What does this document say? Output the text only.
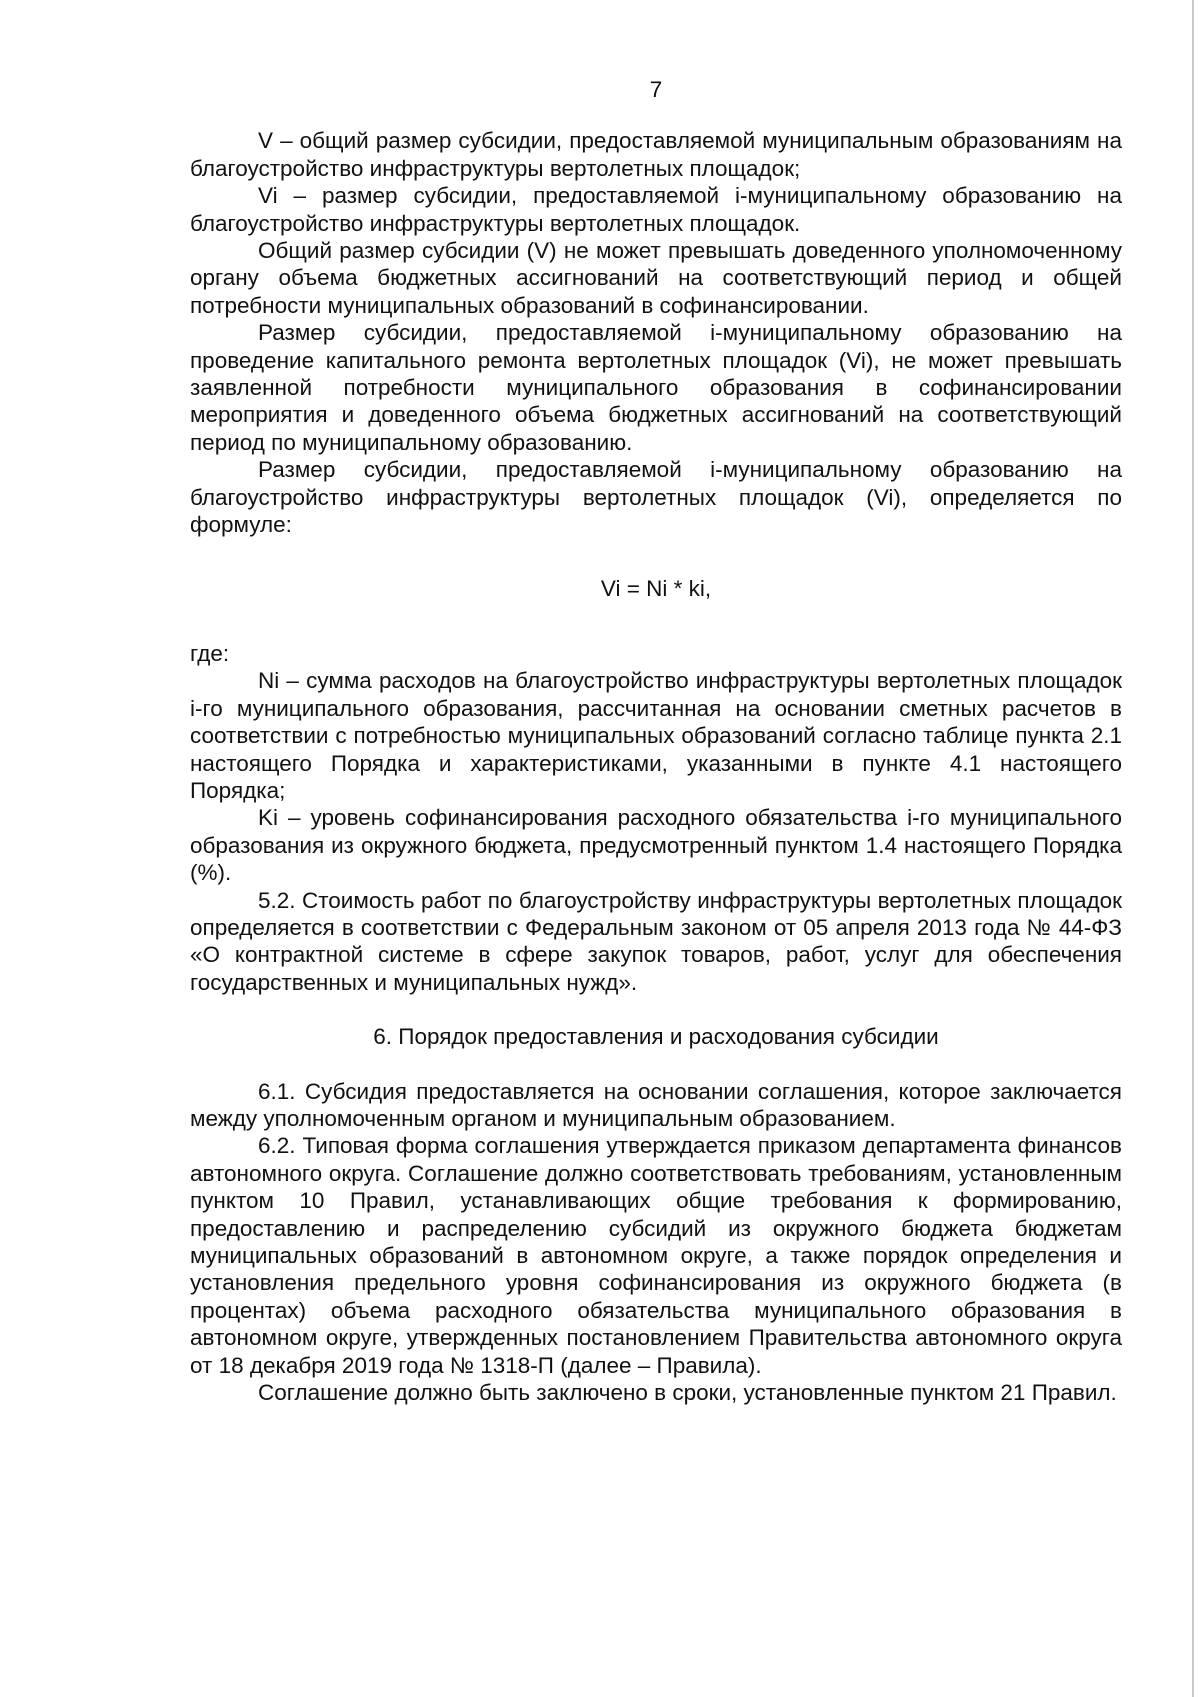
7

V – общий размер субсидии, предоставляемой муниципальным образованиям на благоустройство инфраструктуры вертолетных площадок;

Vi – размер субсидии, предоставляемой i-муниципальному образованию на благоустройство инфраструктуры вертолетных площадок.

Общий размер субсидии (V) не может превышать доведенного уполномоченному органу объема бюджетных ассигнований на соответствующий период и общей потребности муниципальных образований в софинансировании.

Размер субсидии, предоставляемой i-муниципальному образованию на проведение капитального ремонта вертолетных площадок (Vi), не может превышать заявленной потребности муниципального образования в софинансировании мероприятия и доведенного объема бюджетных ассигнований на соответствующий период по муниципальному образованию.

Размер субсидии, предоставляемой i-муниципальному образованию на благоустройство инфраструктуры вертолетных площадок (Vi), определяется по формуле:

Vi = Ni * ki,

где:

Ni – сумма расходов на благоустройство инфраструктуры вертолетных площадок i-го муниципального образования, рассчитанная на основании сметных расчетов в соответствии с потребностью муниципальных образований согласно таблице пункта 2.1 настоящего Порядка и характеристиками, указанными в пункте 4.1 настоящего Порядка;

Ki – уровень софинансирования расходного обязательства i-го муниципального образования из окружного бюджета, предусмотренный пунктом 1.4 настоящего Порядка (%).

5.2. Стоимость работ по благоустройству инфраструктуры вертолетных площадок определяется в соответствии с Федеральным законом от 05 апреля 2013 года № 44-ФЗ «О контрактной системе в сфере закупок товаров, работ, услуг для обеспечения государственных и муниципальных нужд».

6. Порядок предоставления и расходования субсидии

6.1. Субсидия предоставляется на основании соглашения, которое заключается между уполномоченным органом и муниципальным образованием.

6.2. Типовая форма соглашения утверждается приказом департамента финансов автономного округа. Соглашение должно соответствовать требованиям, установленным пунктом 10 Правил, устанавливающих общие требования к формированию, предоставлению и распределению субсидий из окружного бюджета бюджетам муниципальных образований в автономном округе, а также порядок определения и установления предельного уровня софинансирования из окружного бюджета (в процентах) объема расходного обязательства муниципального образования в автономном округе, утвержденных постановлением Правительства автономного округа от 18 декабря 2019 года № 1318-П (далее – Правила).

Соглашение должно быть заключено в сроки, установленные пунктом 21 Правил.
